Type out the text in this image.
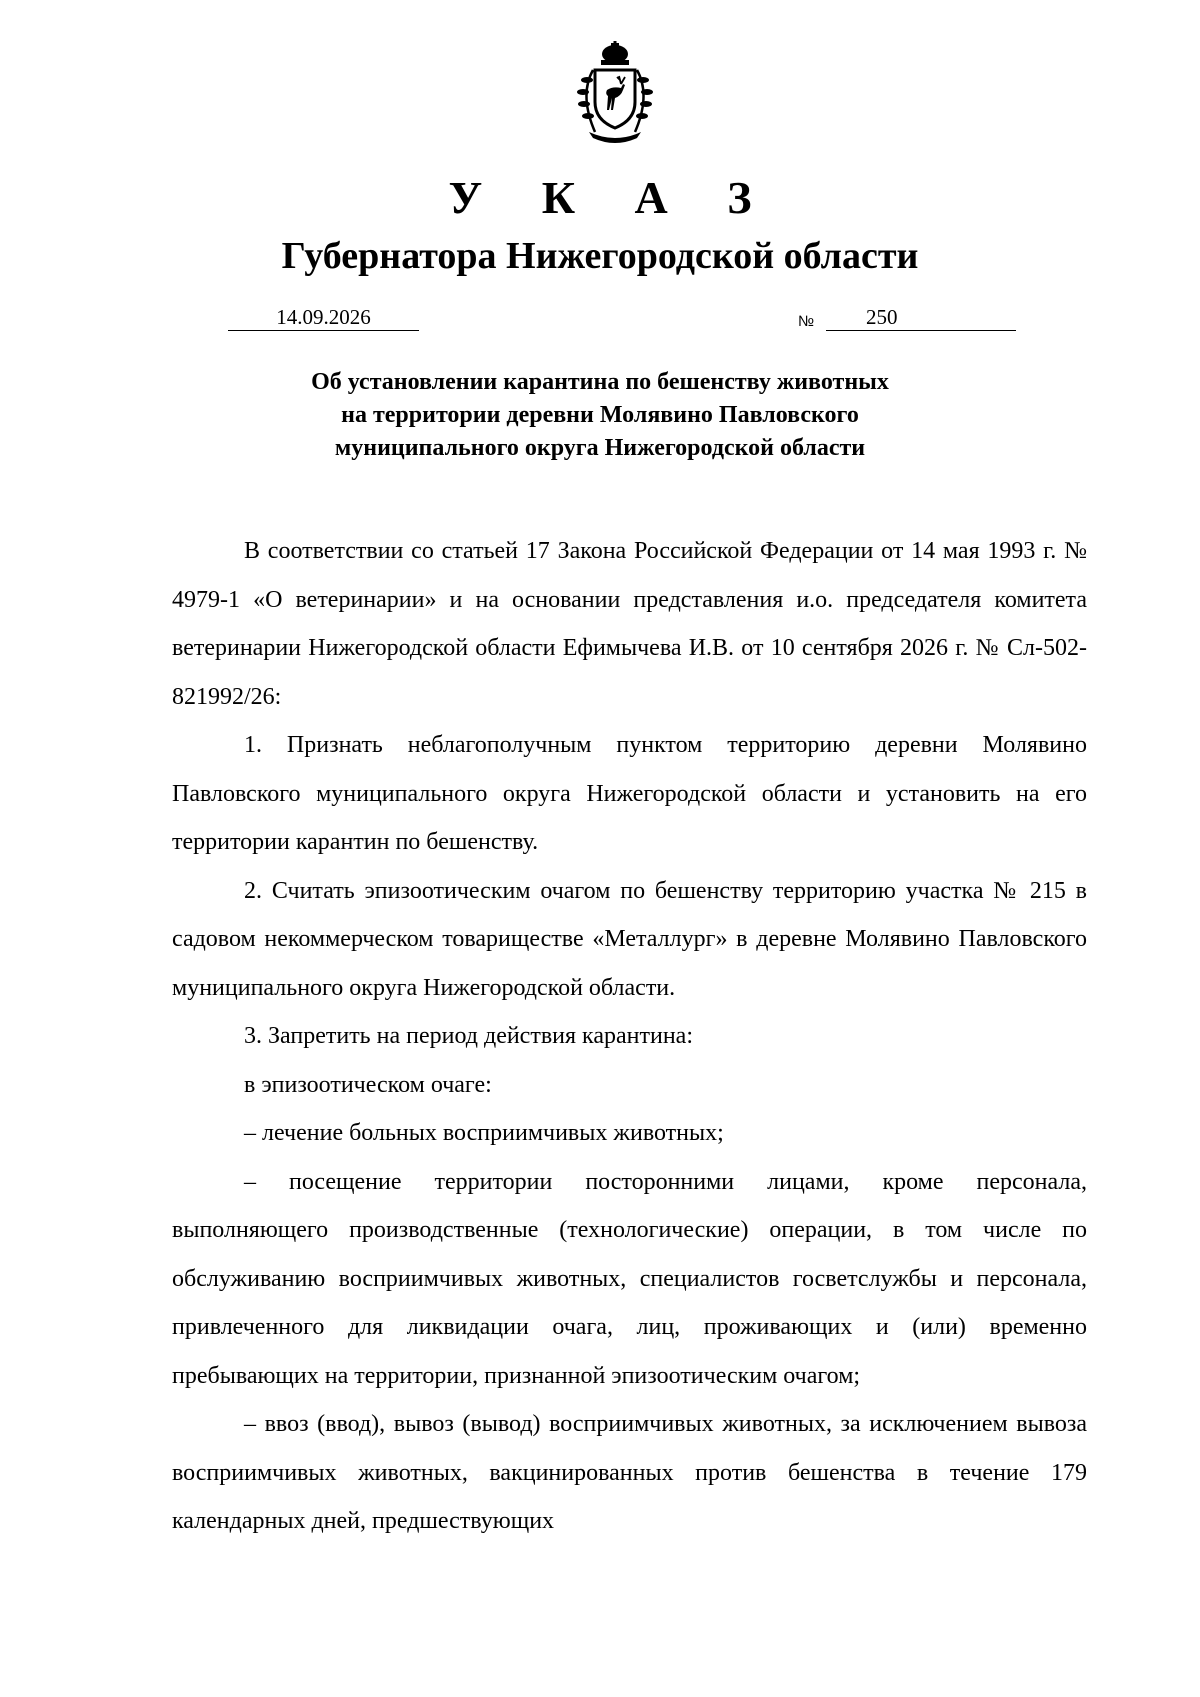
У К А З
Губернатора Нижегородской области
14.09.2026	№	250
Об установлении карантина по бешенству животных
на территории деревни Молявино Павловского
муниципального округа Нижегородской области

В соответствии со статьей 17 Закона Российской Федерации от 14 мая 1993 г. № 4979-1 «О ветеринарии» и на основании представления и.о. председателя комитета ветеринарии Нижегородской области Ефимычева И.В. от 10 сентября 2026 г. № Сл-502-821992/26:

1. Признать неблагополучным пунктом территорию деревни Молявино Павловского муниципального округа Нижегородской области и установить на его территории карантин по бешенству.

2. Считать эпизоотическим очагом по бешенству территорию участка № 215 в садовом некоммерческом товариществе «Металлург» в деревне Молявино Павловского муниципального округа Нижегородской области.

3. Запретить на период действия карантина:

в эпизоотическом очаге:

– лечение больных восприимчивых животных;

– посещение территории посторонними лицами, кроме персонала, выполняющего производственные (технологические) операции, в том числе по обслуживанию восприимчивых животных, специалистов госветслужбы и персонала, привлеченного для ликвидации очага, лиц, проживающих и (или) временно пребывающих на территории, признанной эпизоотическим очагом;

– ввоз (ввод), вывоз (вывод) восприимчивых животных, за исключением вывоза восприимчивых животных, вакцинированных против бешенства в течение 179 календарных дней, предшествующих
